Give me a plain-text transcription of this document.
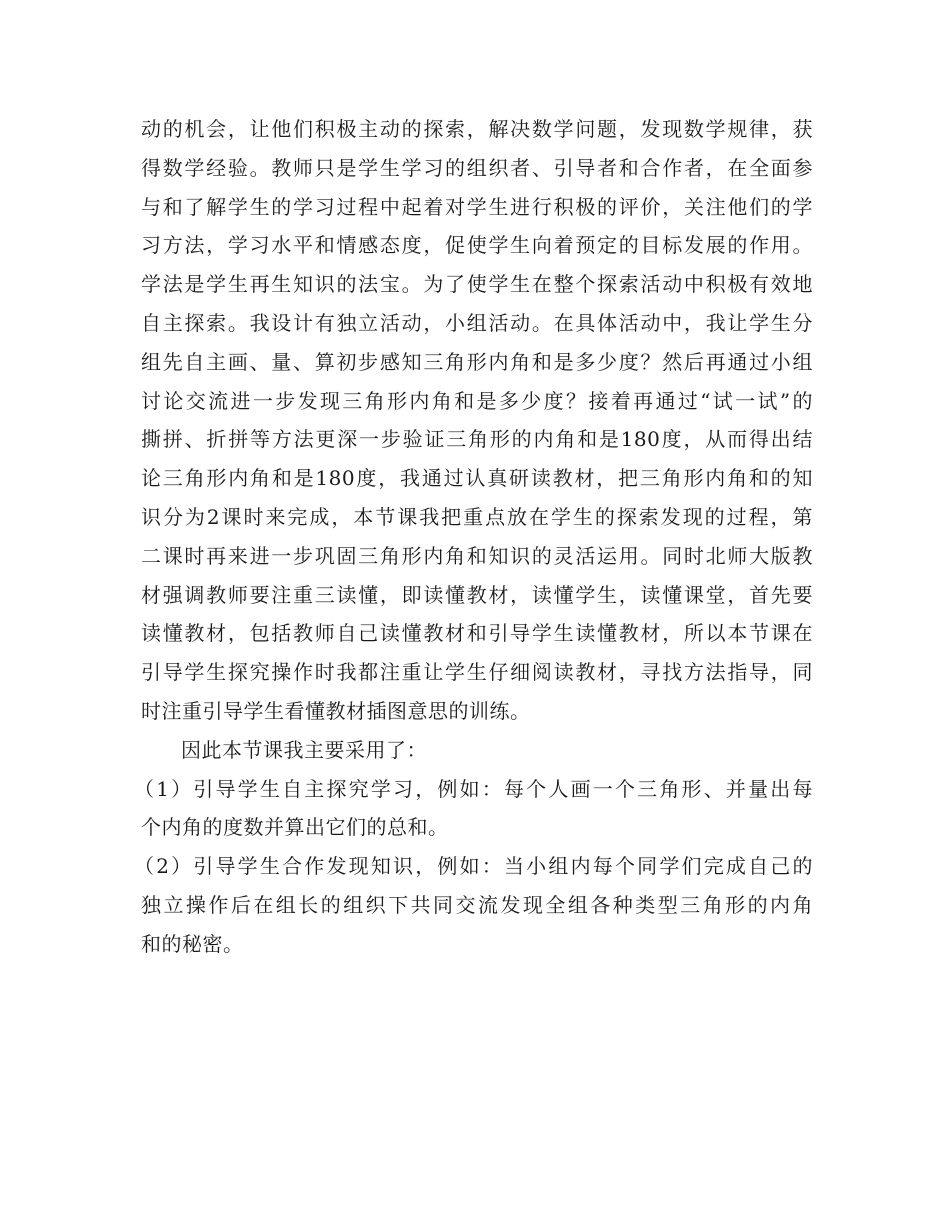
动的机会，让他们积极主动的探索，解决数学问题，发现数学规律，获
得数学经验。教师只是学生学习的组织者、引导者和合作者，在全面参
与和了解学生的学习过程中起着对学生进行积极的评价，关注他们的学
习方法，学习水平和情感态度，促使学生向着预定的目标发展的作用。
学法是学生再生知识的法宝。为了使学生在整个探索活动中积极有效地
自主探索。我设计有独立活动，小组活动。在具体活动中，我让学生分
组先自主画、量、算初步感知三角形内角和是多少度？然后再通过小组
讨论交流进一步发现三角形内角和是多少度？接着再通过“试一试”的
撕拼、折拼等方法更深一步验证三角形的内角和是180度，从而得出结
论三角形内角和是180度，我通过认真研读教材，把三角形内角和的知
识分为2课时来完成，本节课我把重点放在学生的探索发现的过程，第
二课时再来进一步巩固三角形内角和知识的灵活运用。同时北师大版教
材强调教师要注重三读懂，即读懂教材，读懂学生，读懂课堂，首先要
读懂教材，包括教师自己读懂教材和引导学生读懂教材，所以本节课在
引导学生探究操作时我都注重让学生仔细阅读教材，寻找方法指导，同
时注重引导学生看懂教材插图意思的训练。
因此本节课我主要采用了：
（1）引导学生自主探究学习，例如：每个人画一个三角形、并量出每
个内角的度数并算出它们的总和。
（2）引导学生合作发现知识，例如：当小组内每个同学们完成自己的
独立操作后在组长的组织下共同交流发现全组各种类型三角形的内角
和的秘密。
